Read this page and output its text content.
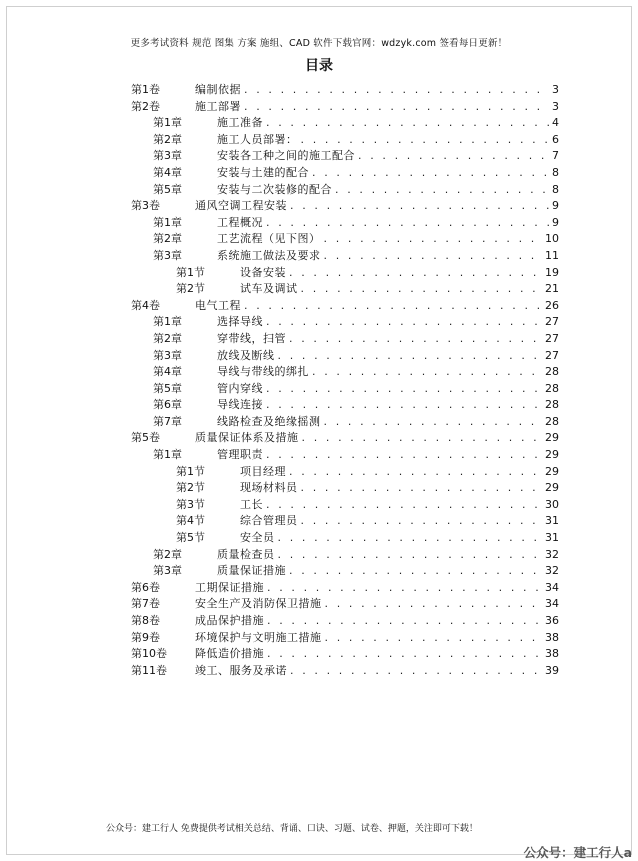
更多考试资料 规范 图集 方案 施组、CAD 软件下载官网：wdzyk.com 签看每日更新！
目录
第1卷	编制依据 . . .	3
第2卷	施工部署 . . .	3
第1章	施工准备 . . .	4
第2章	施工人员部署： . . .	6
第3章	安装各工种之间的施工配合 . . .	7
第4章	安装与土建的配合 . . .	8
第5章	安装与二次装修的配合 . . .	8
第3卷	通风空调工程安装 . . .	9
第1章	工程概况 . . .	9
第2章	工艺流程（见下图） . . .	10
第3章	系统施工做法及要求 . . .	11
第1节	设备安装 . . .	19
第2节	试车及调试 . . .	21
第4卷	电气工程 . . .	26
第1章	选择导线 . . .	27
第2章	穿带线，扫管 . . .	27
第3章	放线及断线 . . .	27
第4章	导线与带线的绑扎 . . .	28
第5章	管内穿线 . . .	28
第6章	导线连接 . . .	28
第7章	线路检查及绝缘摇测 . . .	28
第5卷	质量保证体系及措施 . . .	29
第1章	管理职责 . . .	29
第1节	项目经理 . . .	29
第2节	现场材料员 . . .	29
第3节	工长 . . .	30
第4节	综合管理员 . . .	31
第5节	安全员 . . .	31
第2章	质量检查员 . . .	32
第3章	质量保证措施 . . .	32
第6卷	工期保证措施 . . .	34
第7卷	安全生产及消防保卫措施 . . .	34
第8卷	成品保护措施 . . .	36
第9卷	环境保护与文明施工措施 . . .	38
第10卷	降低造价措施 . . .	38
第11卷	竣工、服务及承诺 . . .	39
公众号：建工行人 免费提供考试相关总结、背诵、口诀、习题、试卷、押题，关注即可下载！
公众号：建工行人a
